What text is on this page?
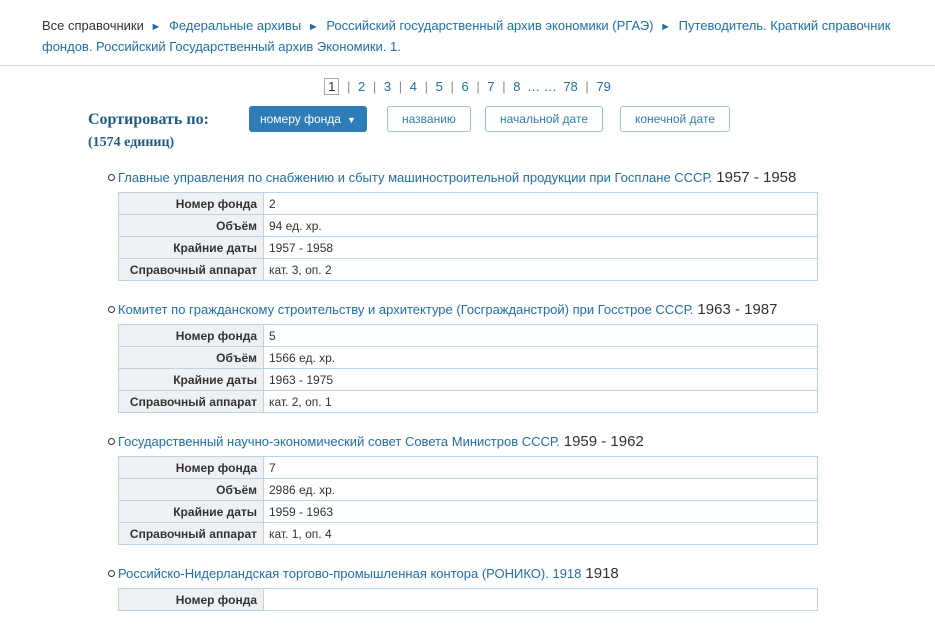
Все справочники ► Федеральные архивы ► Российский государственный архив экономики (РГАЭ) ► Путеводитель. Краткий справочник фондов. Российский Государственный архив Экономики. 1.
1 | 2 | 3 | 4 | 5 | 6 | 7 | 8 … … 78 | 79
Сортировать по:
(1574 единиц)
номеру фонда ▼	названию	начальной дате	конечной дате
Главные управления по снабжению и сбыту машиностроительной продукции при Госплане СССР. 1957 - 1958
Номер фонда	2
Объём	94 ед. хр.
Крайние даты	1957 - 1958
Справочный аппарат	кат. 3, оп. 2
Комитет по гражданскому строительству и архитектуре (Госгражданстрой) при Госстрое СССР. 1963 - 1987
Номер фонда	5
Объём	1566 ед. хр.
Крайние даты	1963 - 1975
Справочный аппарат	кат. 2, оп. 1
Государственный научно-экономический совет Совета Министров СССР. 1959 - 1962
Номер фонда	7
Объём	2986 ед. хр.
Крайние даты	1959 - 1963
Справочный аппарат	кат. 1, оп. 4
Российско-Нидерландская торгово-промышленная контора (РОНИКО). 1918 1918
Номер фонда	
